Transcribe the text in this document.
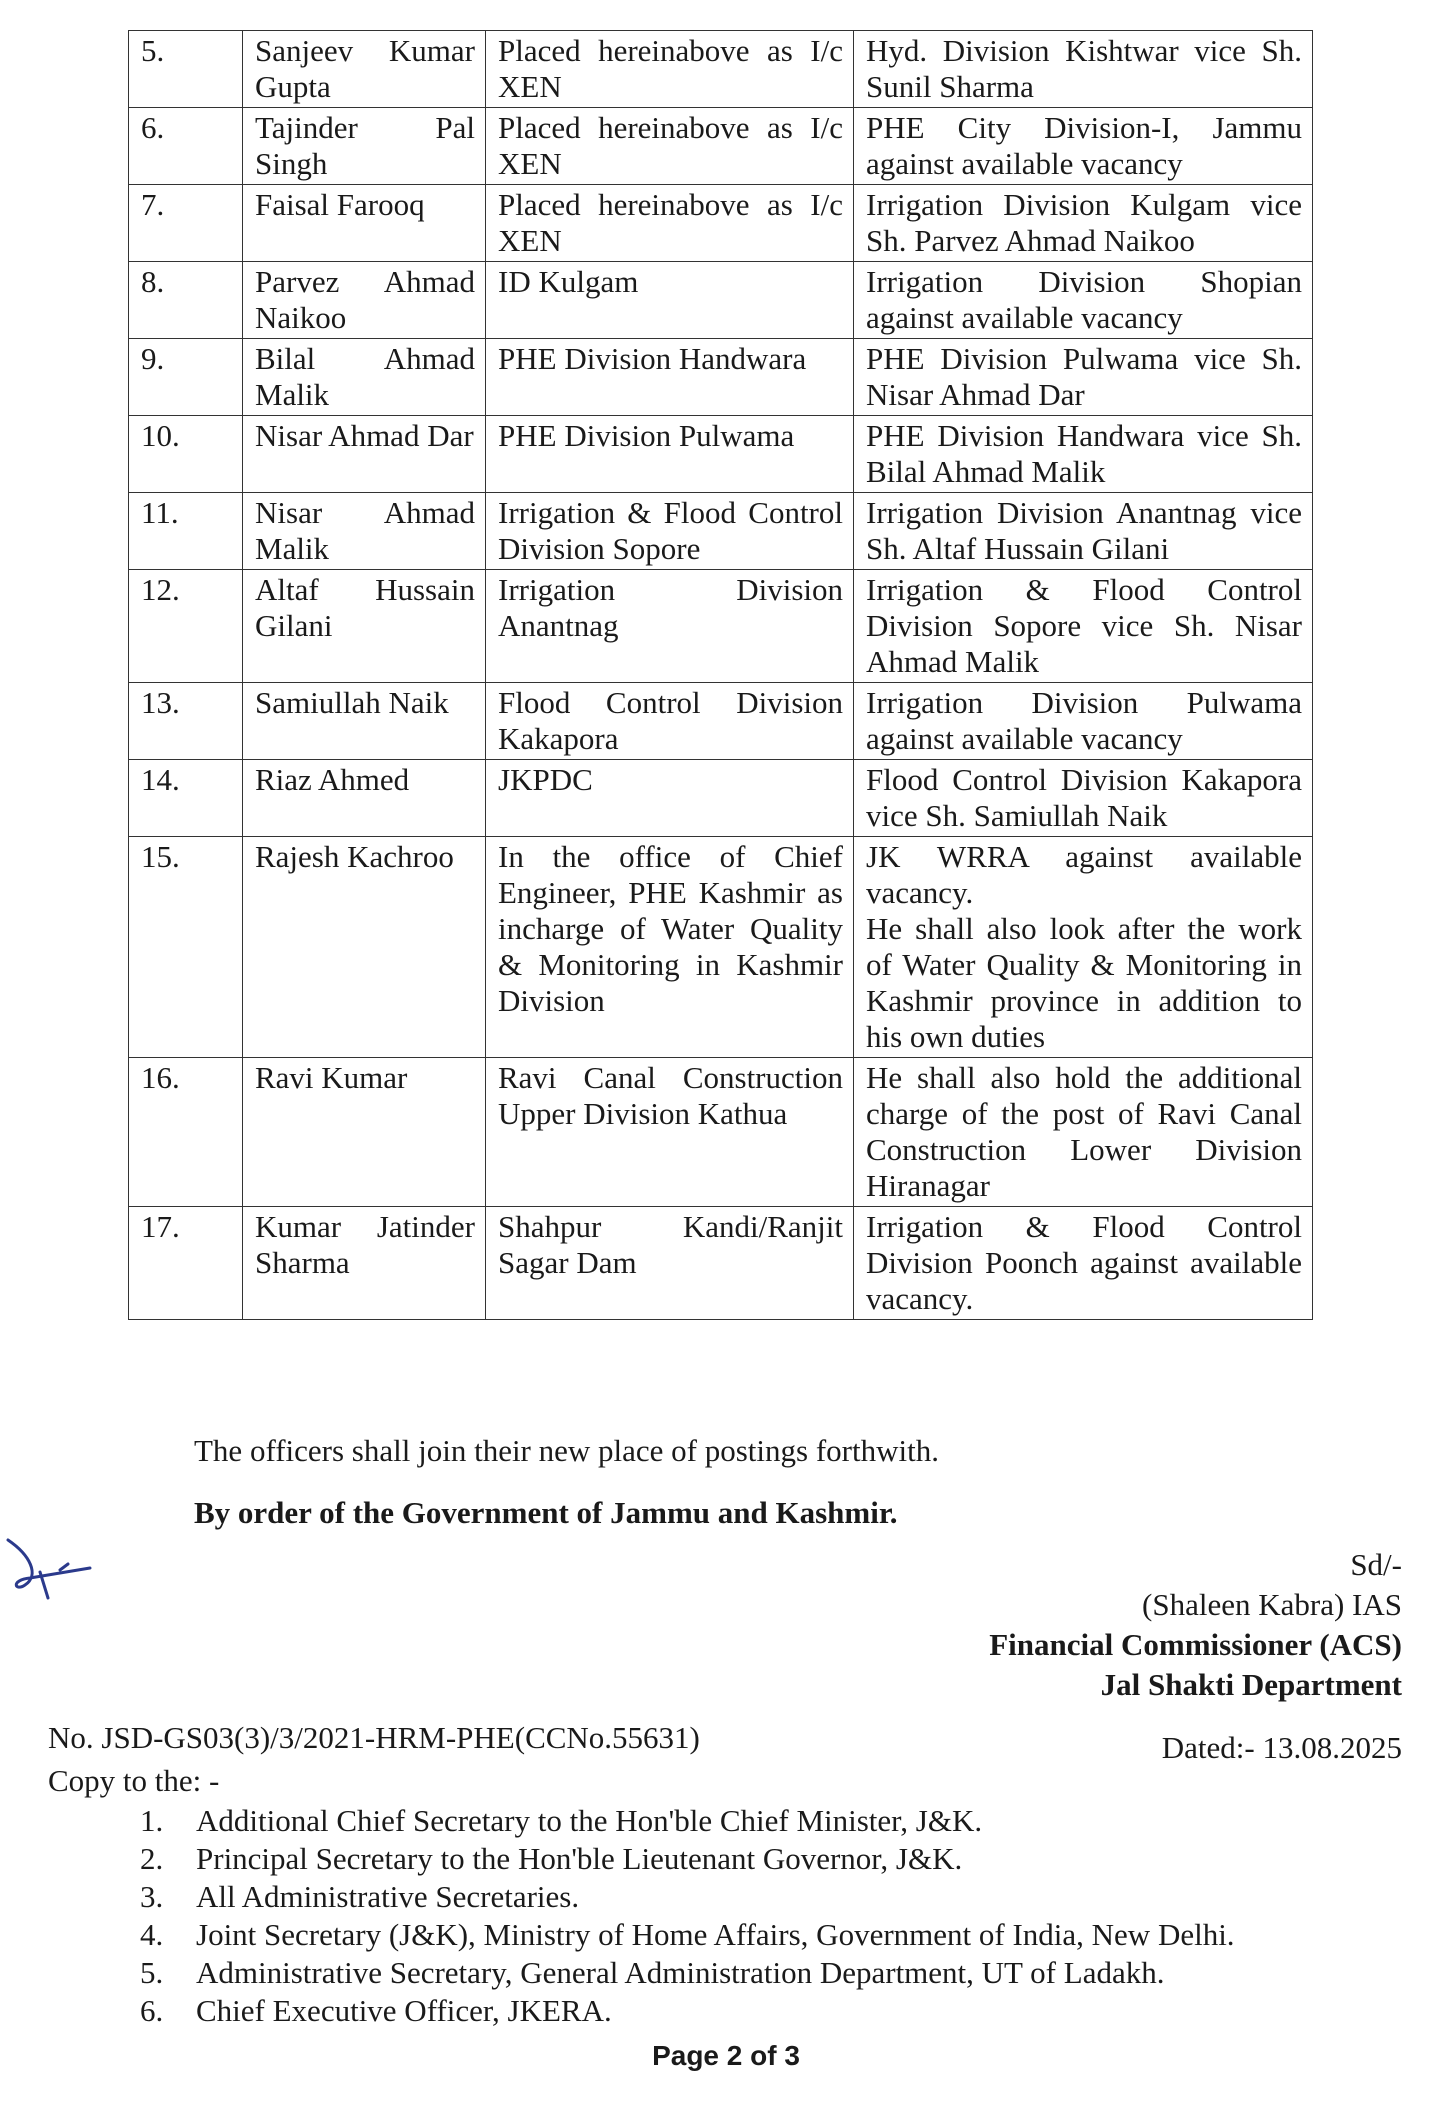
5.	Sanjeev Kumar Gupta	Placed hereinabove as I/c XEN	Hyd. Division Kishtwar vice Sh. Sunil Sharma

6.	Tajinder Pal Singh	Placed hereinabove as I/c XEN	PHE City Division-I, Jammu against available vacancy

7.	Faisal Farooq	Placed hereinabove as I/c XEN	Irrigation Division Kulgam vice Sh. Parvez Ahmad Naikoo

8.	Parvez Ahmad Naikoo	ID Kulgam	Irrigation Division Shopian against available vacancy

9.	Bilal Ahmad Malik	PHE Division Handwara	PHE Division Pulwama vice Sh. Nisar Ahmad Dar

10.	Nisar Ahmad Dar	PHE Division Pulwama	PHE Division Handwara vice Sh. Bilal Ahmad Malik

11.	Nisar Ahmad Malik	Irrigation & Flood Control Division Sopore	Irrigation Division Anantnag vice Sh. Altaf Hussain Gilani

12.	Altaf Hussain Gilani	Irrigation Division Anantnag	Irrigation & Flood Control Division Sopore vice Sh. Nisar Ahmad Malik

13.	Samiullah Naik	Flood Control Division Kakapora	Irrigation Division Pulwama against available vacancy

14.	Riaz Ahmed	JKPDC	Flood Control Division Kakapora vice Sh. Samiullah Naik

15.	Rajesh Kachroo	In the office of Chief Engineer, PHE Kashmir as incharge of Water Quality & Monitoring in Kashmir Division	JK WRRA against available vacancy.
He shall also look after the work of Water Quality & Monitoring in Kashmir province in addition to his own duties

16.	Ravi Kumar	Ravi Canal Construction Upper Division Kathua	He shall also hold the additional charge of the post of Ravi Canal Construction Lower Division Hiranagar

17.	Kumar Jatinder Sharma	Shahpur Kandi/Ranjit Sagar Dam	Irrigation & Flood Control Division Poonch against available vacancy.
The officers shall join their new place of postings forthwith.
By order of the Government of Jammu and Kashmir.
Sd/-
(Shaleen Kabra) IAS
Financial Commissioner (ACS)
Jal Shakti Department
No. JSD-GS03(3)/3/2021-HRM-PHE(CCNo.55631)	Dated:- 13.08.2025
Copy to the: -
1. Additional Chief Secretary to the Hon'ble Chief Minister, J&K.
2. Principal Secretary to the Hon'ble Lieutenant Governor, J&K.
3. All Administrative Secretaries.
4. Joint Secretary (J&K), Ministry of Home Affairs, Government of India, New Delhi.
5. Administrative Secretary, General Administration Department, UT of Ladakh.
6. Chief Executive Officer, JKERA.
Page 2 of 3
